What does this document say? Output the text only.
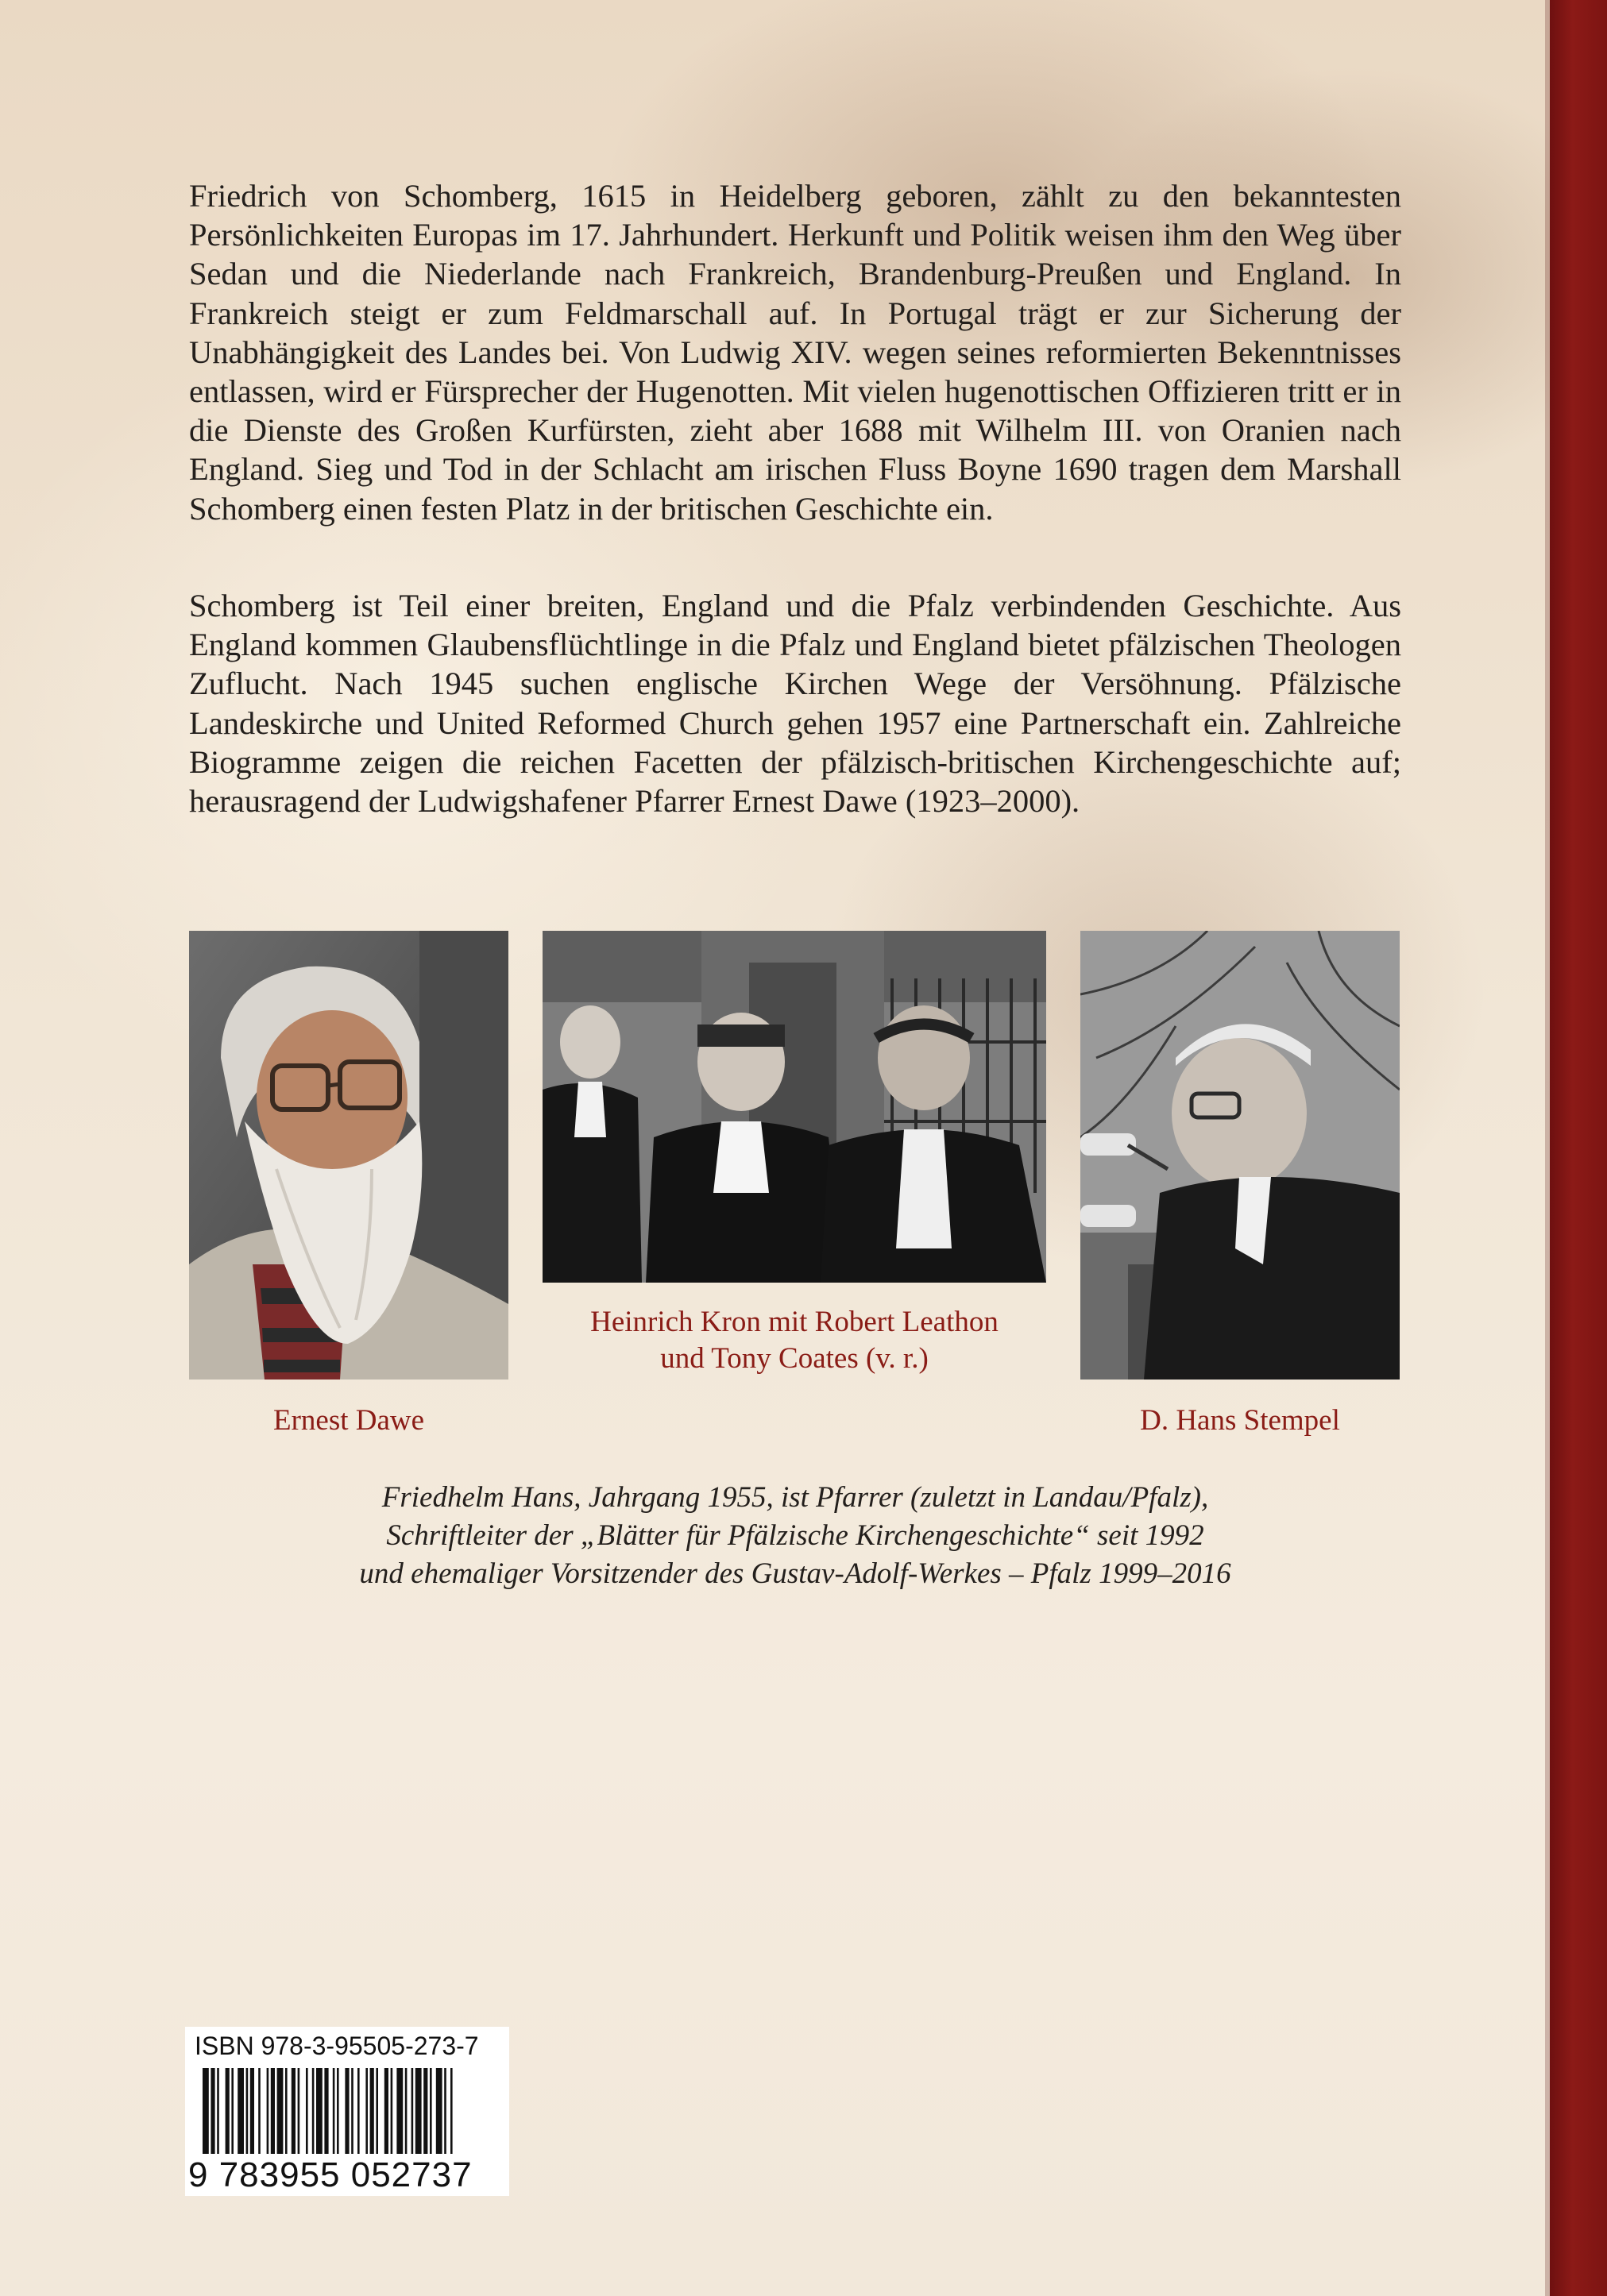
Friedrich von Schomberg, 1615 in Heidelberg geboren, zählt zu den bekanntesten Persönlichkeiten Europas im 17. Jahrhundert. Herkunft und Politik weisen ihm den Weg über Sedan und die Niederlande nach Frankreich, Brandenburg-Preußen und England. In Frankreich steigt er zum Feldmarschall auf. In Portugal trägt er zur Sicherung der Unabhängigkeit des Landes bei. Von Ludwig XIV. wegen seines reformierten Bekenntnisses entlassen, wird er Fürsprecher der Hugenotten. Mit vielen hugenottischen Offizieren tritt er in die Dienste des Großen Kurfürsten, zieht aber 1688 mit Wilhelm III. von Oranien nach England. Sieg und Tod in der Schlacht am irischen Fluss Boyne 1690 tragen dem Marshall Schomberg einen festen Platz in der britischen Geschichte ein.

Schomberg ist Teil einer breiten, England und die Pfalz verbindenden Geschichte. Aus England kommen Glaubensflüchtlinge in die Pfalz und England bietet pfälzischen Theologen Zuflucht. Nach 1945 suchen englische Kirchen Wege der Versöhnung. Pfälzische Landeskirche und United Reformed Church gehen 1957 eine Partnerschaft ein. Zahlreiche Biogramme zeigen die reichen Facetten der pfälzisch-britischen Kirchengeschichte auf; herausragend der Ludwigshafener Pfarrer Ernest Dawe (1923–2000).

Ernest Dawe

Heinrich Kron mit Robert Leathon
und Tony Coates (v. r.)

D. Hans Stempel

Friedhelm Hans, Jahrgang 1955, ist Pfarrer (zuletzt in Landau/Pfalz),
Schriftleiter der „Blätter für Pfälzische Kirchengeschichte“ seit 1992
und ehemaliger Vorsitzender des Gustav-Adolf-Werkes – Pfalz 1999–2016
ISBN 978-3-95505-273-7
9 783955 052737
